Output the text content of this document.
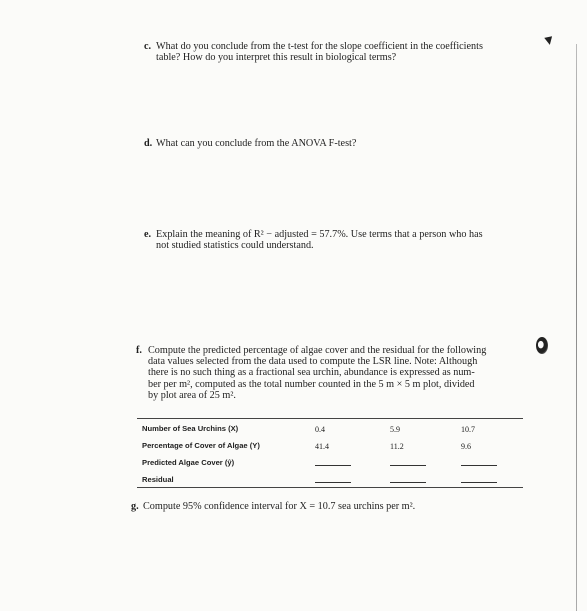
c. What do you conclude from the t-test for the slope coefficient in the coefficients
table? How do you interpret this result in biological terms?
d. What can you conclude from the ANOVA F-test?
e. Explain the meaning of R² − adjusted = 57.7%. Use terms that a person who has
not studied statistics could understand.
f. Compute the predicted percentage of algae cover and the residual for the following
data values selected from the data used to compute the LSR line. Note: Although
there is no such thing as a fractional sea urchin, abundance is expressed as num-
ber per m², computed as the total number counted in the 5 m × 5 m plot, divided
by plot area of 25 m².
Number of Sea Urchins (X)	0.4	5.9	10.7
Percentage of Cover of Algae (Y)	41.4	11.2	9.6
Predicted Algae Cover (ŷ)
Residual
g. Compute 95% confidence interval for X = 10.7 sea urchins per m².
